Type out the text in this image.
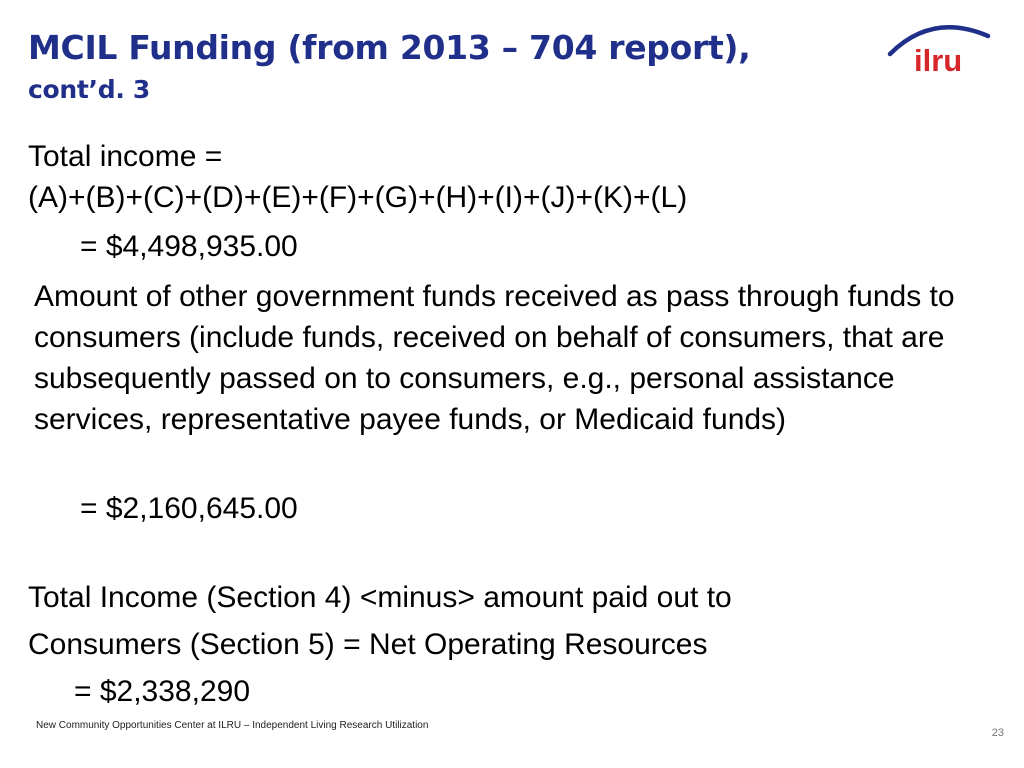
MCIL Funding (from 2013 – 704 report),
cont’d. 3
ilru

Total income =

(A)+(B)+(C)+(D)+(E)+(F)+(G)+(H)+(I)+(J)+(K)+(L)

= $4,498,935.00

Amount of other government funds received as pass through funds to consumers (include funds, received on behalf of consumers, that are subsequently passed on to consumers, e.g., personal assistance services, representative payee funds, or Medicaid funds)

= $2,160,645.00

Total Income (Section 4) <minus> amount paid out to

Consumers (Section 5) = Net Operating Resources

= $2,338,290

New Community Opportunities Center at ILRU – Independent Living Research Utilization
23
